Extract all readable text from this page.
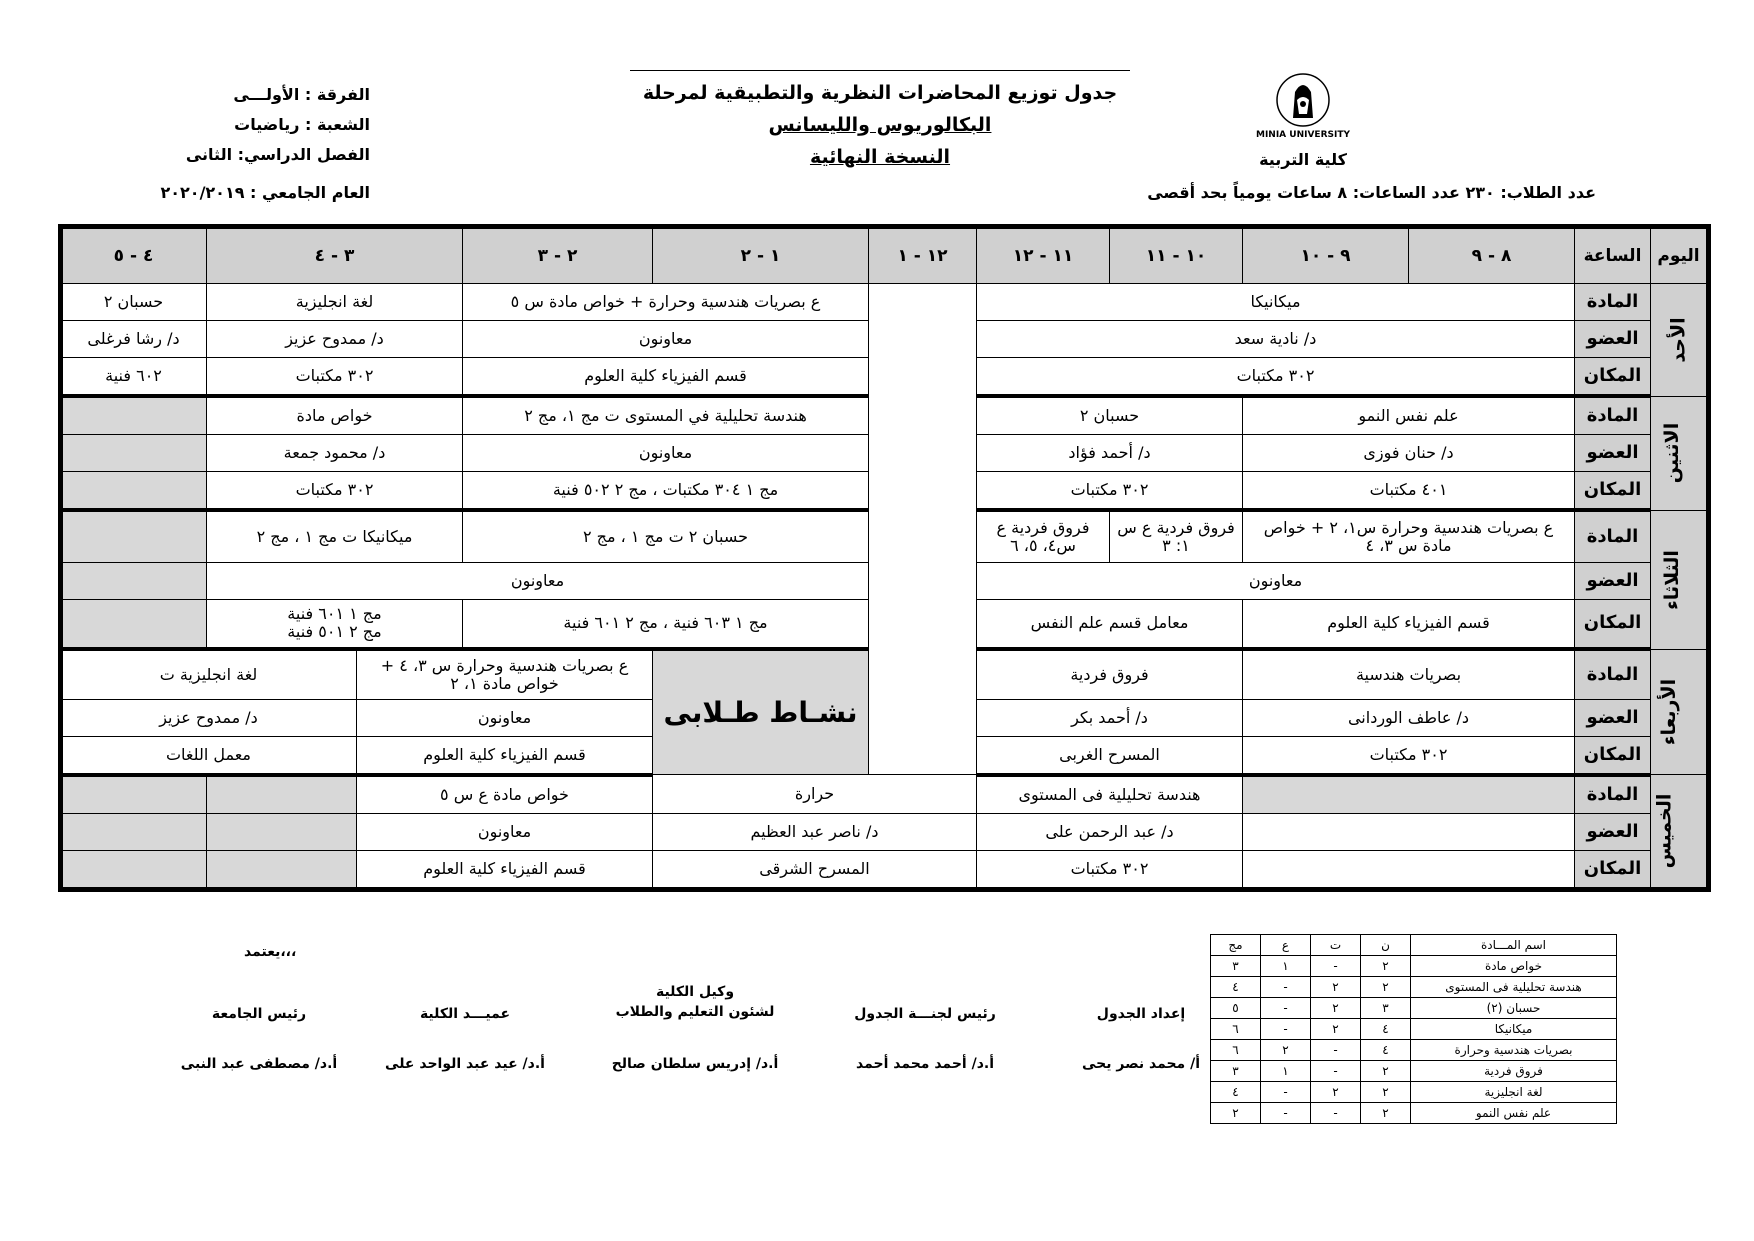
MINIA UNIVERSITY
كلية التربية
جدول توزيع المحاضرات النظرية والتطبيقية لمرحلة
البكالوريوس والليسانس
النسخة النهائية
الفرقة : الأولـــى
الشعبة : رياضيات
الفصل الدراسي: الثانى
العام الجامعي : ٢٠٢٠/٢٠١٩	عدد الطلاب: ٢٣٠ عدد الساعات: ٨ ساعات يومياً بحد أقصى
اليوم	الساعة	٨ - ٩	٩ - ١٠	١٠ - ١١	١١ - ١٢	١٢ - ١	١ - ٢	٢ - ٣	٣ - ٤		٤ - ٥	
الأحد	المادة	ميكانيكا					ع بصريات هندسية وحرارة + خواص مادة س ٥		لغة انجليزية		حسبان ٢	
	العضو	د/ نادية سعد					معاونون		د/ ممدوح عزيز		د/ رشا فرغلى	
	المكان	٣٠٢ مكتبات					قسم الفيزياء كلية العلوم		٣٠٢ مكتبات		٦٠٢ فنية	
الاثنين	المادة	علم نفس النمو		حسبان ٢			هندسة تحليلية في المستوى ت مج ١، مج ٢		خواص مادة			
	العضو	د/ حنان فوزى		د/ أحمد فؤاد			معاونون		د/ محمود جمعة			
	المكان	٤٠١ مكتبات		٣٠٢ مكتبات			مج ١ ٣٠٤ مكتبات ، مج ٢ ٥٠٢ فنية		٣٠٢ مكتبات			
الثلاثاء	المادة	ع بصريات هندسية وحرارة س١، ٢ + خواص مادة س ٣، ٤		فروق فردية ع س ١: ٣	فروق فردية ع س٤، ٥، ٦		حسبان ٢ ت مج ١ ، مج ٢		ميكانيكا ت مج ١ ، مج ٢			
	العضو	معاونون					معاونون					
	المكان	قسم الفيزياء كلية العلوم		معامل قسم علم النفس			مج ١ ٦٠٣ فنية ، مج ٢ ٦٠١ فنية		مج ١ ٦٠١ فنية
مج ٢ ٥٠١ فنية			

الأربعاء	المادة	بصريات هندسية		فروق فردية			نشـاط طـلابى	ع بصريات هندسية وحرارة س ٣، ٤ + خواص مادة ١، ٢		لغة انجليزية ت		
	العضو	د/ عاطف الوردانى		د/ أحمد بكر				معاونون		د/ ممدوح عزيز		
	المكان	٣٠٢ مكتبات		المسرح الغربى				قسم الفيزياء كلية العلوم		معمل اللغات		
الخميس	المادة			هندسة تحليلية فى المستوى		حرارة		خواص مادة ع س ٥				
	العضو			د/ عبد الرحمن على		د/ ناصر عبد العظيم		معاونون				
	المكان			٣٠٢ مكتبات		المسرح الشرقى		قسم الفيزياء كلية العلوم				
يعتمد،،،
إعداد الجدول
أ/ محمد نصر يحى
رئيس لجنـــة الجدول
أ.د/ أحمد محمد أحمد
وكيل الكلية
لشئون التعليم والطلاب
أ.د/ إدريس سلطان صالح
عميـــد الكلية
أ.د/ عيد عبد الواحد على
رئيس الجامعة
أ.د/ مصطفى عبد النبى
اسم المـــادة	ن	ت	ع	مج
خواص مادة	٢	-	١	٣
هندسة تحليلية فى المستوى	٢	٢	-	٤
حسبان (٢)	٣	٢	-	٥
ميكانيكا	٤	٢	-	٦
بصريات هندسية وحرارة	٤	-	٢	٦
فروق فردية	٢	-	١	٣
لغة انجليزية	٢	٢	-	٤
علم نفس النمو	٢	-	-	٢
